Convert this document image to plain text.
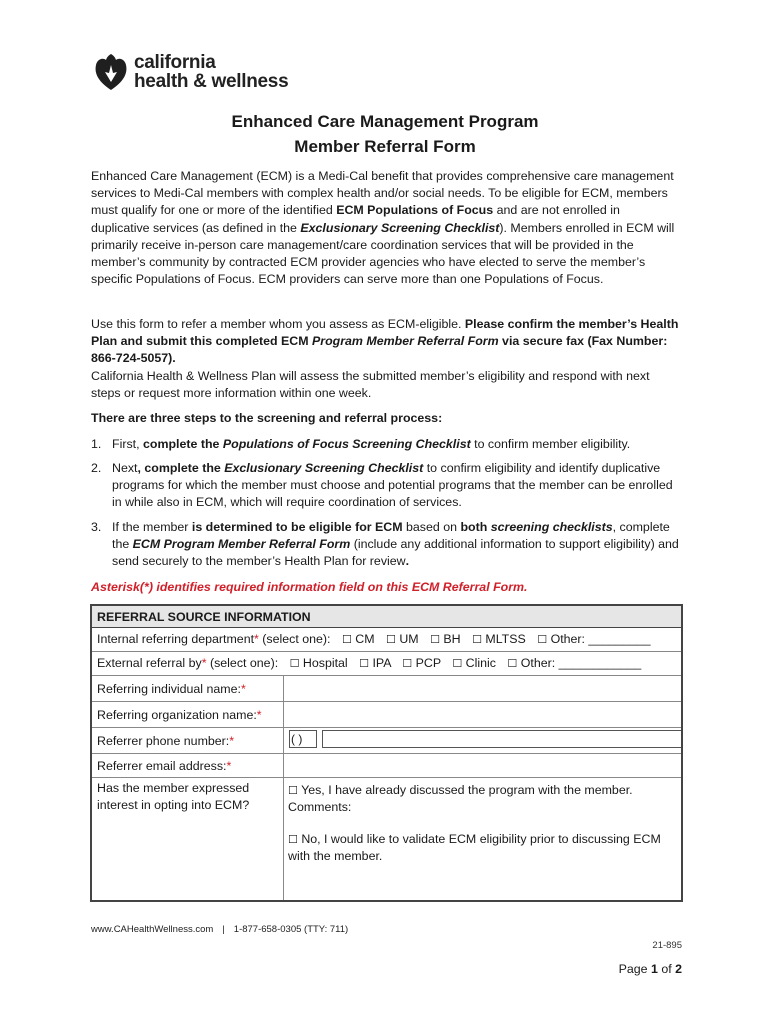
california
health & wellness
Enhanced Care Management Program
Member Referral Form
Enhanced Care Management (ECM) is a Medi-Cal benefit that provides comprehensive care management services to Medi-Cal members with complex health and/or social needs. To be eligible for ECM, members must qualify for one or more of the identified ECM Populations of Focus and are not enrolled in duplicative services (as defined in the Exclusionary Screening Checklist). Members enrolled in ECM will primarily receive in-person care management/care coordination services that will be provided in the member’s community by contracted ECM provider agencies who have elected to serve the member’s specific Populations of Focus. ECM providers can serve more than one Populations of Focus.
Use this form to refer a member whom you assess as ECM-eligible. Please confirm the member’s Health Plan and submit this completed ECM Program Member Referral Form via secure fax (Fax Number: 866-724-5057).
California Health & Wellness Plan will assess the submitted member’s eligibility and respond with next steps or request more information within one week.
There are three steps to the screening and referral process:
1. First, complete the Populations of Focus Screening Checklist to confirm member eligibility.
2. Next, complete the Exclusionary Screening Checklist to confirm eligibility and identify duplicative programs for which the member must choose and potential programs that the member can be enrolled in while also in ECM, which will require coordination of services.
3. If the member is determined to be eligible for ECM based on both screening checklists, complete the ECM Program Member Referral Form (include any additional information to support eligibility) and send securely to the member’s Health Plan for review.
Asterisk(*) identifies required information field on this ECM Referral Form.
REFERRAL SOURCE INFORMATION
Internal referring department* (select one): ☐ CM ☐ UM ☐ BH ☐ MLTSS ☐ Other: _________
External referral by* (select one): ☐ Hospital ☐ IPA ☐ PCP ☐ Clinic ☐ Other: ____________
Referring individual name:*
Referring organization name:*
Referrer phone number:*	( )
Referrer email address:*
Has the member expressed interest in opting into ECM?
☐ Yes, I have already discussed the program with the member.
Comments:
☐ No, I would like to validate ECM eligibility prior to discussing ECM with the member.
www.CAHealthWellness.com | 1-877-658-0305 (TTY: 711)
21-895
Page 1 of 2
